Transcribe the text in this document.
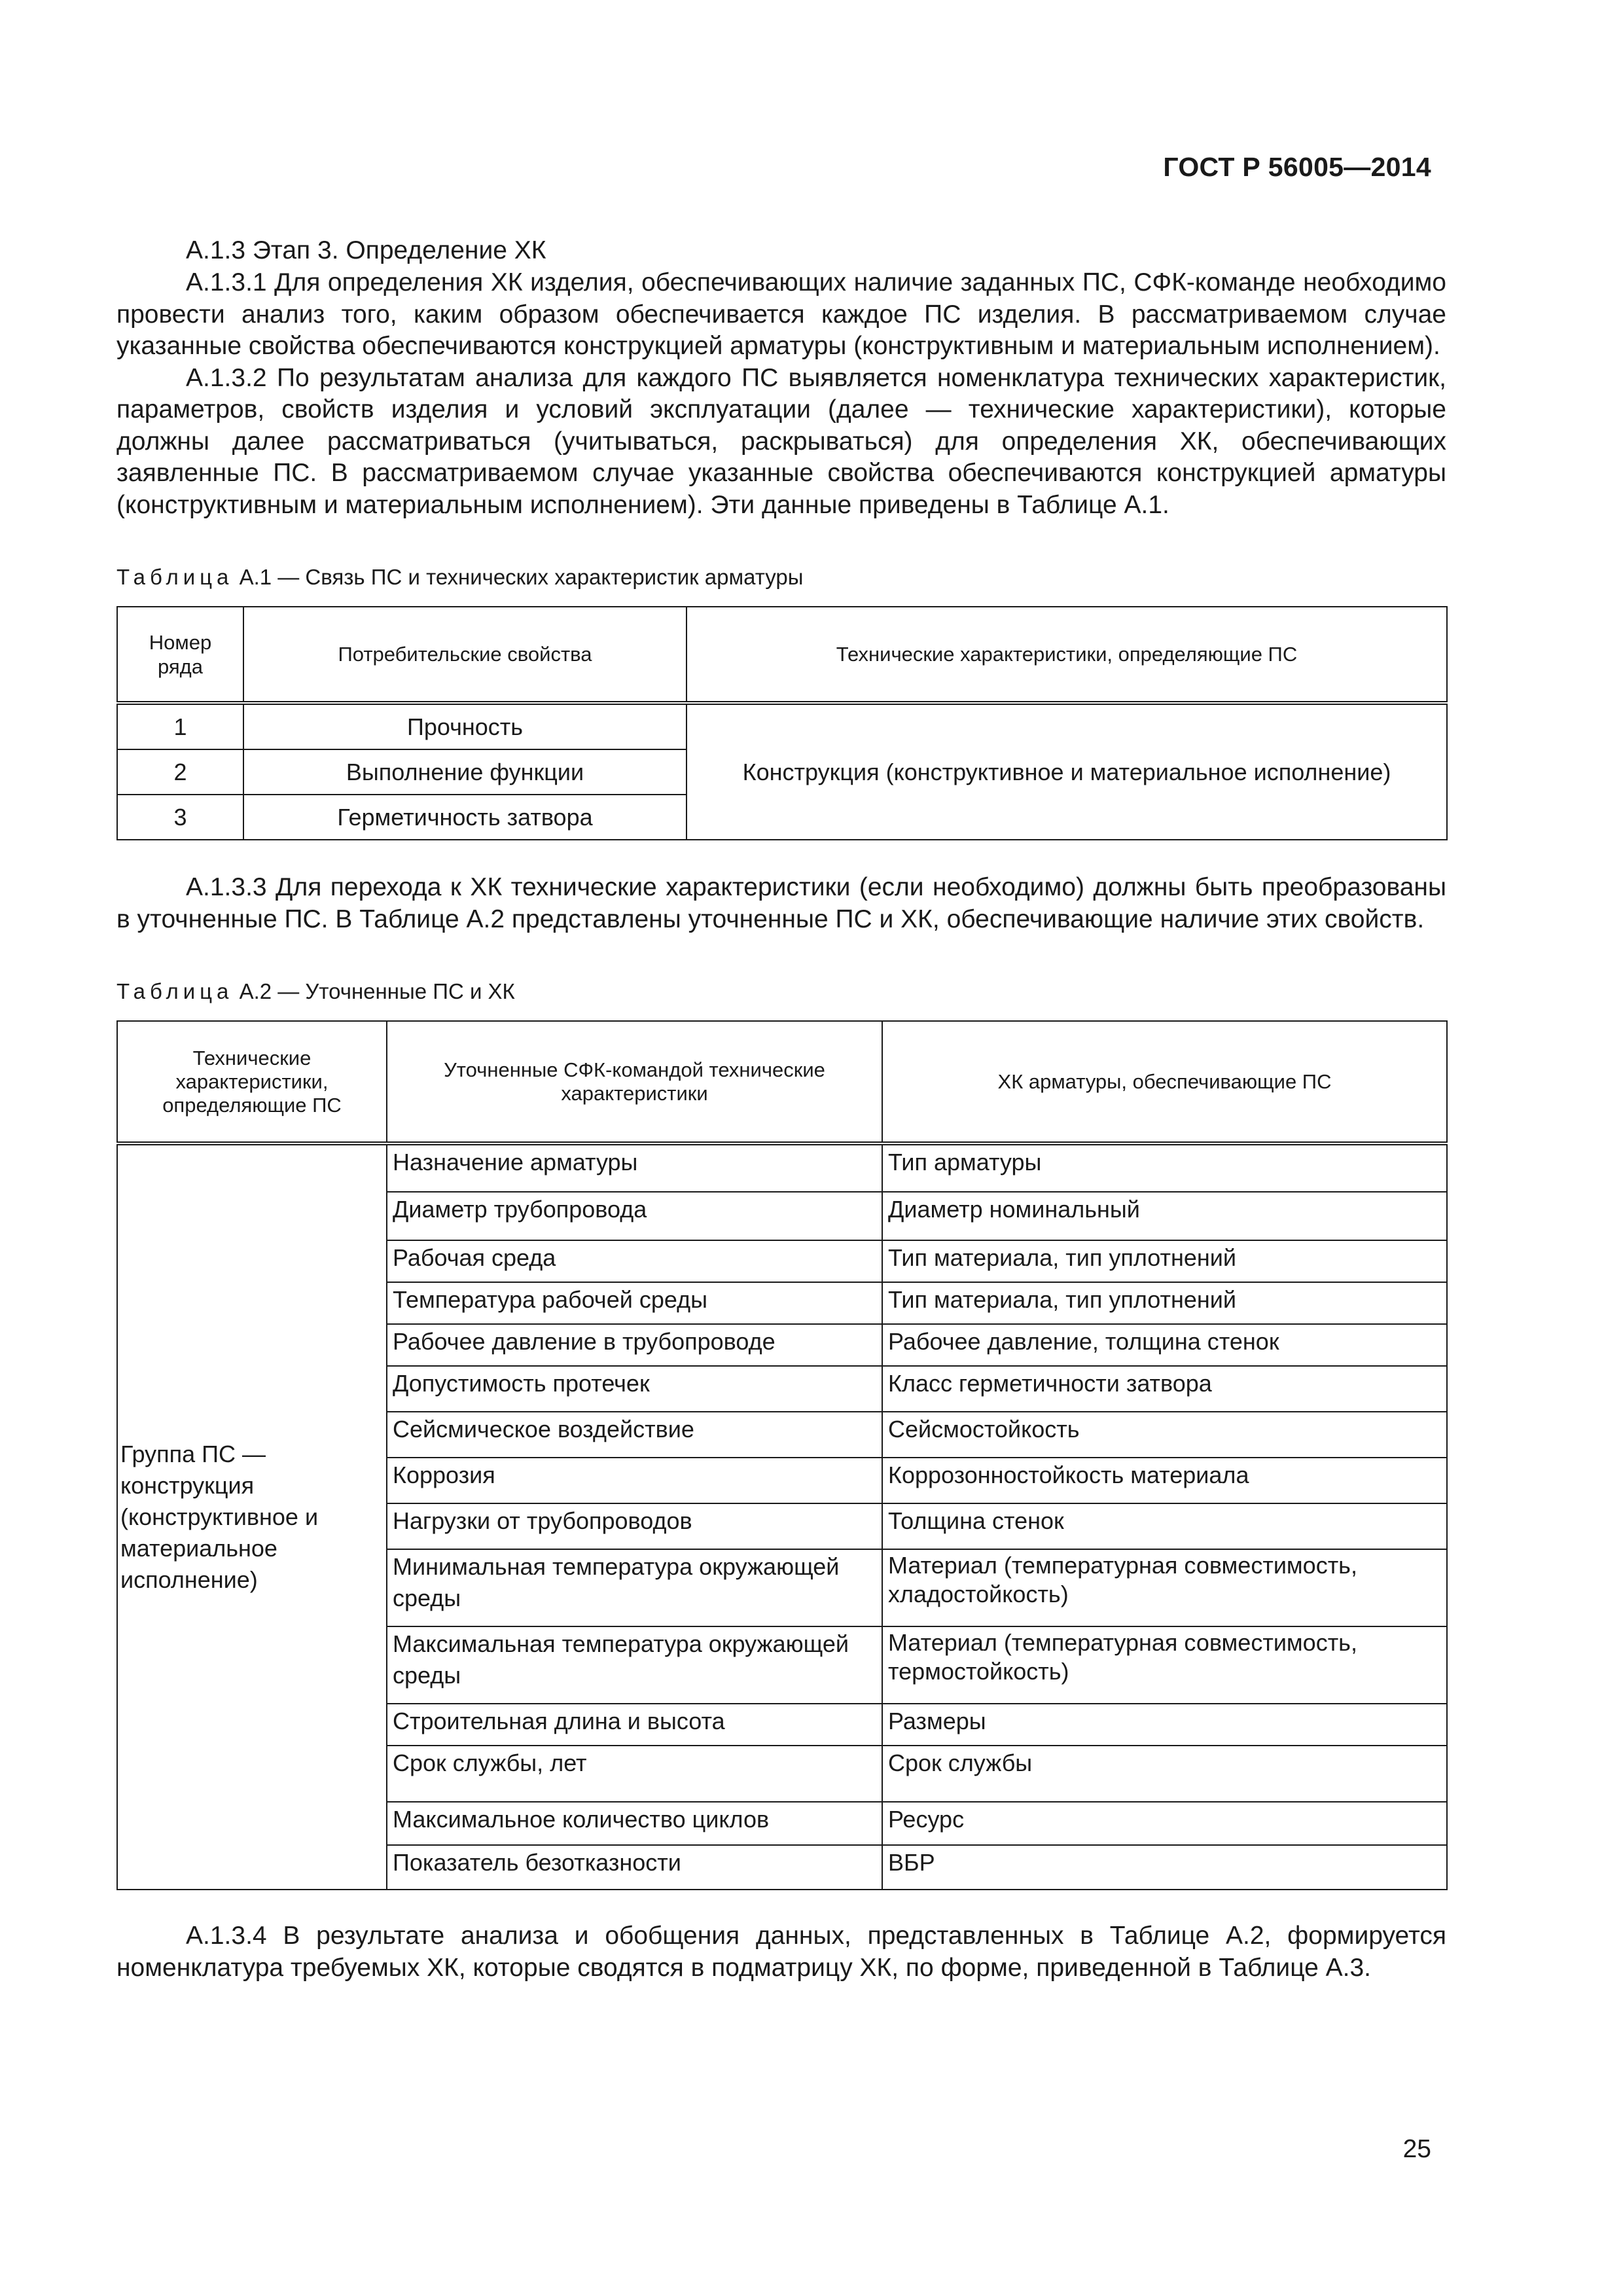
ГОСТ Р 56005—2014

А.1.3 Этап 3. Определение ХК

А.1.3.1 Для определения ХК изделия, обеспечивающих наличие заданных ПС, СФК-команде необходимо провести анализ того, каким образом обеспечивается каждое ПС изделия. В рассматриваемом случае указанные свойства обеспечиваются конструкцией арматуры (конструктивным и материальным исполнением).

А.1.3.2 По результатам анализа для каждого ПС выявляется номенклатура технических характеристик, параметров, свойств изделия и условий эксплуатации (далее — технические характеристики), которые должны далее рассматриваться (учитываться, раскрываться) для определения ХК, обеспечивающих заявленные ПС. В рассматриваемом случае указанные свойства обеспечиваются конструкцией арматуры (конструктивным и материальным исполнением). Эти данные приведены в Таблице А.1.

Таблица А.1 — Связь ПС и технических характеристик арматуры

Номер ряда	Потребительские свойства	Технические характеристики, определяющие ПС
1	Прочность	Конструкция (конструктивное и материальное исполнение)
2	Выполнение функции	
3	Герметичность затвора	

А.1.3.3 Для перехода к ХК технические характеристики (если необходимо) должны быть преобразованы в уточненные ПС. В Таблице А.2 представлены уточненные ПС и ХК, обеспечивающие наличие этих свойств.

Таблица А.2 — Уточненные ПС и ХК

Технические характеристики, определяющие ПС	Уточненные СФК-командой технические характеристики	ХК арматуры, обеспечивающие ПС
Группа ПС — конструкция (конструктивное и материальное исполнение)	Назначение арматуры	Тип арматуры
	Диаметр трубопровода	Диаметр номинальный
	Рабочая среда	Тип материала, тип уплотнений
	Температура рабочей среды	Тип материала, тип уплотнений
	Рабочее давление в трубопроводе	Рабочее давление, толщина стенок
	Допустимость протечек	Класс герметичности затвора
	Сейсмическое воздействие	Сейсмостойкость
	Коррозия	Коррозонностойкость материала
	Нагрузки от трубопроводов	Толщина стенок
	Минимальная температура окружающей среды	Материал (температурная совместимость, хладостойкость)
	Максимальная температура окружающей среды	Материал (температурная совместимость, термостойкость)
	Строительная длина и высота	Размеры
	Срок службы, лет	Срок службы
	Максимальное количество циклов	Ресурс
	Показатель безотказности	ВБР

А.1.3.4 В результате анализа и обобщения данных, представленных в Таблице А.2, формируется номенклатура требуемых ХК, которые сводятся в подматрицу ХК, по форме, приведенной в Таблице А.3.

25
